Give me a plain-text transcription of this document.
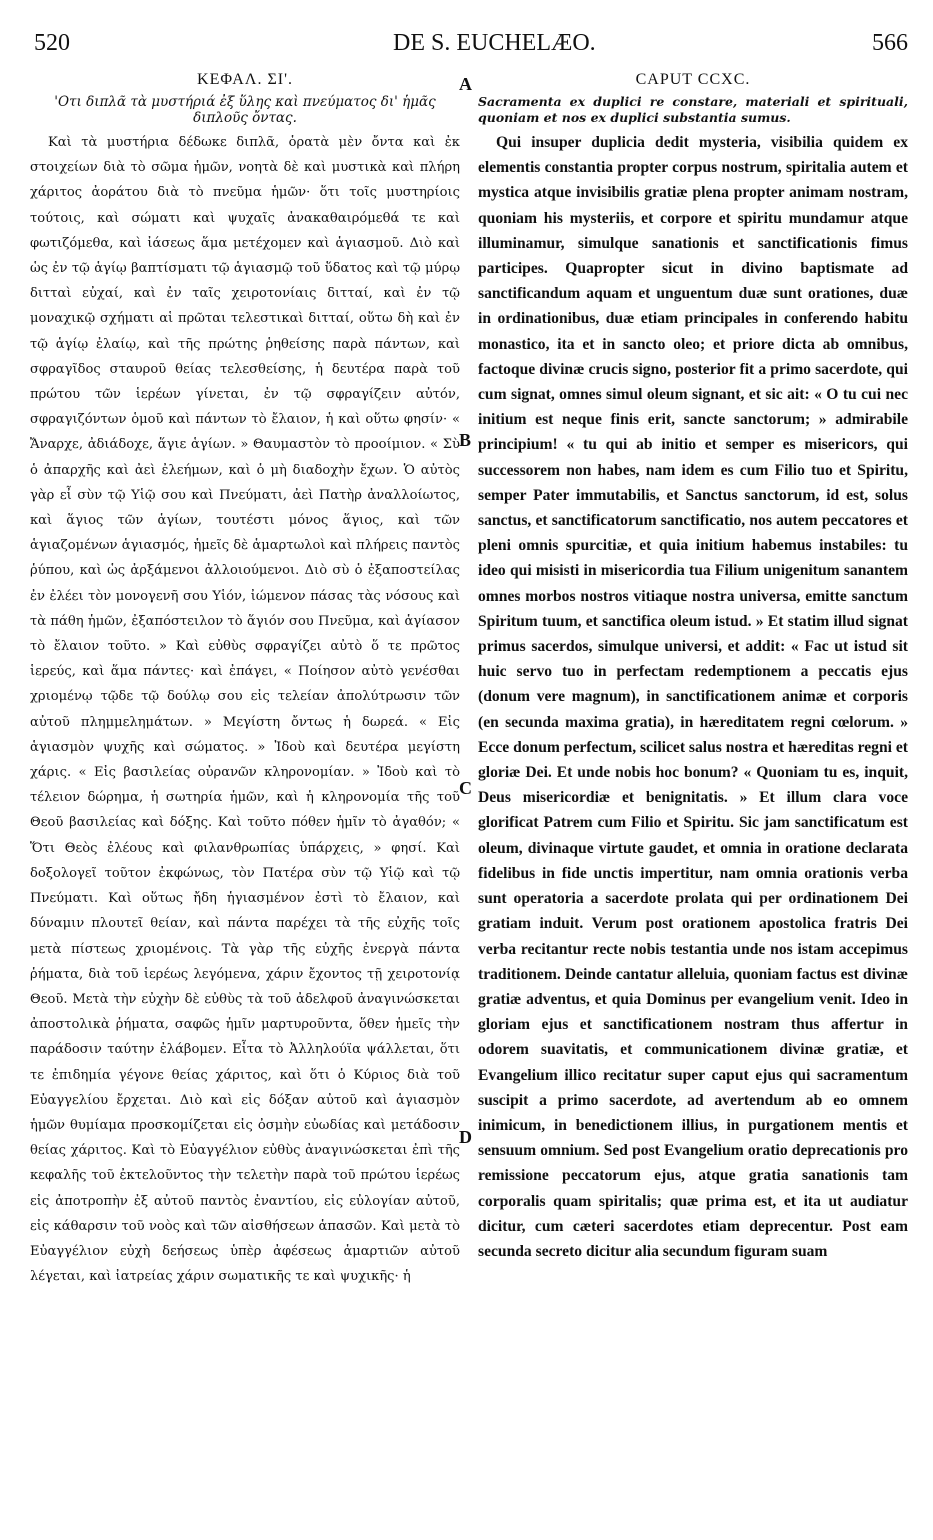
520	DE S. EUCHELÆO.	566
A
B
C
D
ΚΕΦΑΛ. ΣΙ'.
'Οτι διπλᾶ τὰ μυστήριά ἐξ ὕλης καὶ πνεύματος δι' ἡμᾶς διπλοῦς ὄντας.

Καὶ τὰ μυστήρια δέδωκε διπλᾶ, ὁρατὰ μὲν ὄντα καὶ ἐκ στοιχείων διὰ τὸ σῶμα ἡμῶν, νοητὰ δὲ καὶ μυστικὰ καὶ πλήρη χάριτος ἀοράτου διὰ τὸ πνεῦμα ἡμῶν· ὅτι τοῖς μυστηρίοις τούτοις, καὶ σώματι καὶ ψυχαῖς ἀνακαθαιρόμεθά τε καὶ φωτιζόμεθα, καὶ ἰάσεως ἅμα μετέχομεν καὶ ἁγιασμοῦ. Διὸ καὶ ὡς ἐν τῷ ἁγίῳ βαπτίσματι τῷ ἁγιασμῷ τοῦ ὕδατος καὶ τῷ μύρῳ διτταὶ εὐχαί, καὶ ἐν ταῖς χειροτονίαις διτταί, καὶ ἐν τῷ μοναχικῷ σχήματι αἱ πρῶται τελεστικαὶ διτταί, οὕτω δὴ καὶ ἐν τῷ ἁγίῳ ἐλαίῳ, καὶ τῆς πρώτης ῥηθείσης παρὰ πάντων, καὶ σφραγῖδος σταυροῦ θείας τελεσθείσης, ἡ δευτέρα παρὰ τοῦ πρώτου τῶν ἱερέων γίνεται, ἐν τῷ σφραγίζειν αὐτόν, σφραγιζόντων ὁμοῦ καὶ πάντων τὸ ἔλαιον, ἡ καὶ οὕτω φησίν· « Ἄναρχε, ἀδιάδοχε, ἅγιε ἁγίων. » Θαυμαστὸν τὸ προοίμιον. « Σὺ ὁ ἀπαρχῆς καὶ ἀεὶ ἐλεήμων, καὶ ὁ μὴ διαδοχὴν ἔχων. Ὁ αὐτὸς γὰρ εἶ σὺν τῷ Υἱῷ σου καὶ Πνεύματι, ἀεὶ Πατὴρ ἀναλλοίωτος, καὶ ἅγιος τῶν ἁγίων, τουτέστι μόνος ἅγιος, καὶ τῶν ἁγιαζομένων ἁγιασμός, ἡμεῖς δὲ ἁμαρτωλοὶ καὶ πλήρεις παντὸς ῥύπου, καὶ ὡς ἀρξάμενοι ἀλλοιούμενοι. Διὸ σὺ ὁ ἐξαποστείλας ἐν ἐλέει τὸν μονογενῆ σου Υἱόν, ἰώμενον πάσας τὰς νόσους καὶ τὰ πάθη ἡμῶν, ἐξαπόστειλον τὸ ἅγιόν σου Πνεῦμα, καὶ ἁγίασον τὸ ἔλαιον τοῦτο. » Καὶ εὐθὺς σφραγίζει αὐτὸ ὅ τε πρῶτος ἱερεύς, καὶ ἅμα πάντες· καὶ ἐπάγει, « Ποίησον αὐτὸ γενέσθαι χριομένῳ τῷδε τῷ δούλῳ σου εἰς τελείαν ἀπολύτρωσιν τῶν αὐτοῦ πλημμελημάτων. » Μεγίστη ὄντως ἡ δωρεά. « Εἰς ἁγιασμὸν ψυχῆς καὶ σώματος. » Ἰδοὺ καὶ δευτέρα μεγίστη χάρις. « Εἰς βασιλείας οὐρανῶν κληρονομίαν. » Ἰδοὺ καὶ τὸ τέλειον δώρημα, ἡ σωτηρία ἡμῶν, καὶ ἡ κληρονομία τῆς τοῦ Θεοῦ βασιλείας καὶ δόξης. Καὶ τοῦτο πόθεν ἡμῖν τὸ ἀγαθόν; « Ὅτι Θεὸς ἐλέους καὶ φιλανθρωπίας ὑπάρχεις, » φησί. Καὶ δοξολογεῖ τοῦτον ἐκφώνως, τὸν Πατέρα σὺν τῷ Υἱῷ καὶ τῷ Πνεύματι. Καὶ οὕτως ἤδη ἡγιασμένον ἐστὶ τὸ ἔλαιον, καὶ δύναμιν πλουτεῖ θείαν, καὶ πάντα παρέχει τὰ τῆς εὐχῆς τοῖς μετὰ πίστεως χριομένοις. Τὰ γὰρ τῆς εὐχῆς ἐνεργὰ πάντα ῥήματα, διὰ τοῦ ἱερέως λεγόμενα, χάριν ἔχοντος τῇ χειροτονίᾳ Θεοῦ. Μετὰ τὴν εὐχὴν δὲ εὐθὺς τὰ τοῦ ἀδελφοῦ ἀναγινώσκεται ἀποστολικὰ ῥήματα, σαφῶς ἡμῖν μαρτυροῦντα, ὅθεν ἡμεῖς τὴν παράδοσιν ταύτην ἐλάβομεν. Εἶτα τὸ Ἀλληλούϊα ψάλλεται, ὅτι τε ἐπιδημία γέγονε θείας χάριτος, καὶ ὅτι ὁ Κύριος διὰ τοῦ Εὐαγγελίου ἔρχεται. Διὸ καὶ εἰς δόξαν αὐτοῦ καὶ ἁγιασμὸν ἡμῶν θυμίαμα προσκομίζεται εἰς ὀσμὴν εὐωδίας καὶ μετάδοσιν θείας χάριτος. Καὶ τὸ Εὐαγγέλιον εὐθὺς ἀναγινώσκεται ἐπὶ τῆς κεφαλῆς τοῦ ἐκτελοῦντος τὴν τελετὴν παρὰ τοῦ πρώτου ἱερέως εἰς ἀποτροπὴν ἐξ αὐτοῦ παντὸς ἐναντίου, εἰς εὐλογίαν αὐτοῦ, εἰς κάθαρσιν τοῦ νοὸς καὶ τῶν αἰσθήσεων ἁπασῶν. Καὶ μετὰ τὸ Εὐαγγέλιον εὐχὴ δεήσεως ὑπὲρ ἀφέσεως ἁμαρτιῶν αὐτοῦ λέγεται, καὶ ἰατρείας χάριν σωματικῆς τε καὶ ψυχικῆς· ἡ

CAPUT CCXC.
Sacramenta ex duplici re constare, materiali et spirituali, quoniam et nos ex duplici substantia sumus.

Qui insuper duplicia dedit mysteria, visibilia quidem ex elementis constantia propter corpus nostrum, spiritalia autem et mystica atque invisibilis gratiæ plena propter animam nostram, quoniam his mysteriis, et corpore et spiritu mundamur atque illuminamur, simulque sanationis et sanctificationis fimus participes. Quapropter sicut in divino baptismate ad sanctificandum aquam et unguentum duæ sunt orationes, duæ in ordinationibus, duæ etiam principales in conferendo habitu monastico, ita et in sancto oleo; et priore dicta ab omnibus, factoque divinæ crucis signo, posterior fit a primo sacerdote, qui cum signat, omnes simul oleum signant, et sic ait: « O tu cui nec initium est neque finis erit, sancte sanctorum; » admirabile principium! « tu qui ab initio et semper es misericors, qui successorem non habes, nam idem es cum Filio tuo et Spiritu, semper Pater immutabilis, et Sanctus sanctorum, id est, solus sanctus, et sanctificatorum sanctificatio, nos autem peccatores et pleni omnis spurcitiæ, et quia initium habemus instabiles: tu ideo qui misisti in misericordia tua Filium unigenitum sanantem omnes morbos nostros vitiaque nostra universa, emitte sanctum Spiritum tuum, et sanctifica oleum istud. » Et statim illud signat primus sacerdos, simulque universi, et addit: « Fac ut istud sit huic servo tuo in perfectam redemptionem a peccatis ejus (donum vere magnum), in sanctificationem animæ et corporis (en secunda maxima gratia), in hæreditatem regni cœlorum. » Ecce donum perfectum, scilicet salus nostra et hæreditas regni et gloriæ Dei. Et unde nobis hoc bonum? « Quoniam tu es, inquit, Deus misericordiæ et benignitatis. » Et illum clara voce glorificat Patrem cum Filio et Spiritu. Sic jam sanctificatum est oleum, divinaque virtute gaudet, et omnia in oratione declarata fidelibus in fide unctis impertitur, nam omnia orationis verba sunt operatoria a sacerdote prolata qui per ordinationem Dei gratiam induit. Verum post orationem apostolica fratris Dei verba recitantur recte nobis testantia unde nos istam accepimus traditionem. Deinde cantatur alleluia, quoniam factus est divinæ gratiæ adventus, et quia Dominus per evangelium venit. Ideo in gloriam ejus et sanctificationem nostram thus affertur in odorem suavitatis, et communicationem divinæ gratiæ, et Evangelium illico recitatur super caput ejus qui sacramentum suscipit a primo sacerdote, ad avertendum ab eo omnem inimicum, in benedictionem illius, in purgationem mentis et sensuum omnium. Sed post Evangelium oratio deprecationis pro remissione peccatorum ejus, atque gratia sanationis tam corporalis quam spiritalis; quæ prima est, et ita ut audiatur dicitur, cum cæteri sacerdotes etiam deprecentur. Post eam secunda secreto dicitur alia secundum figuram suam
